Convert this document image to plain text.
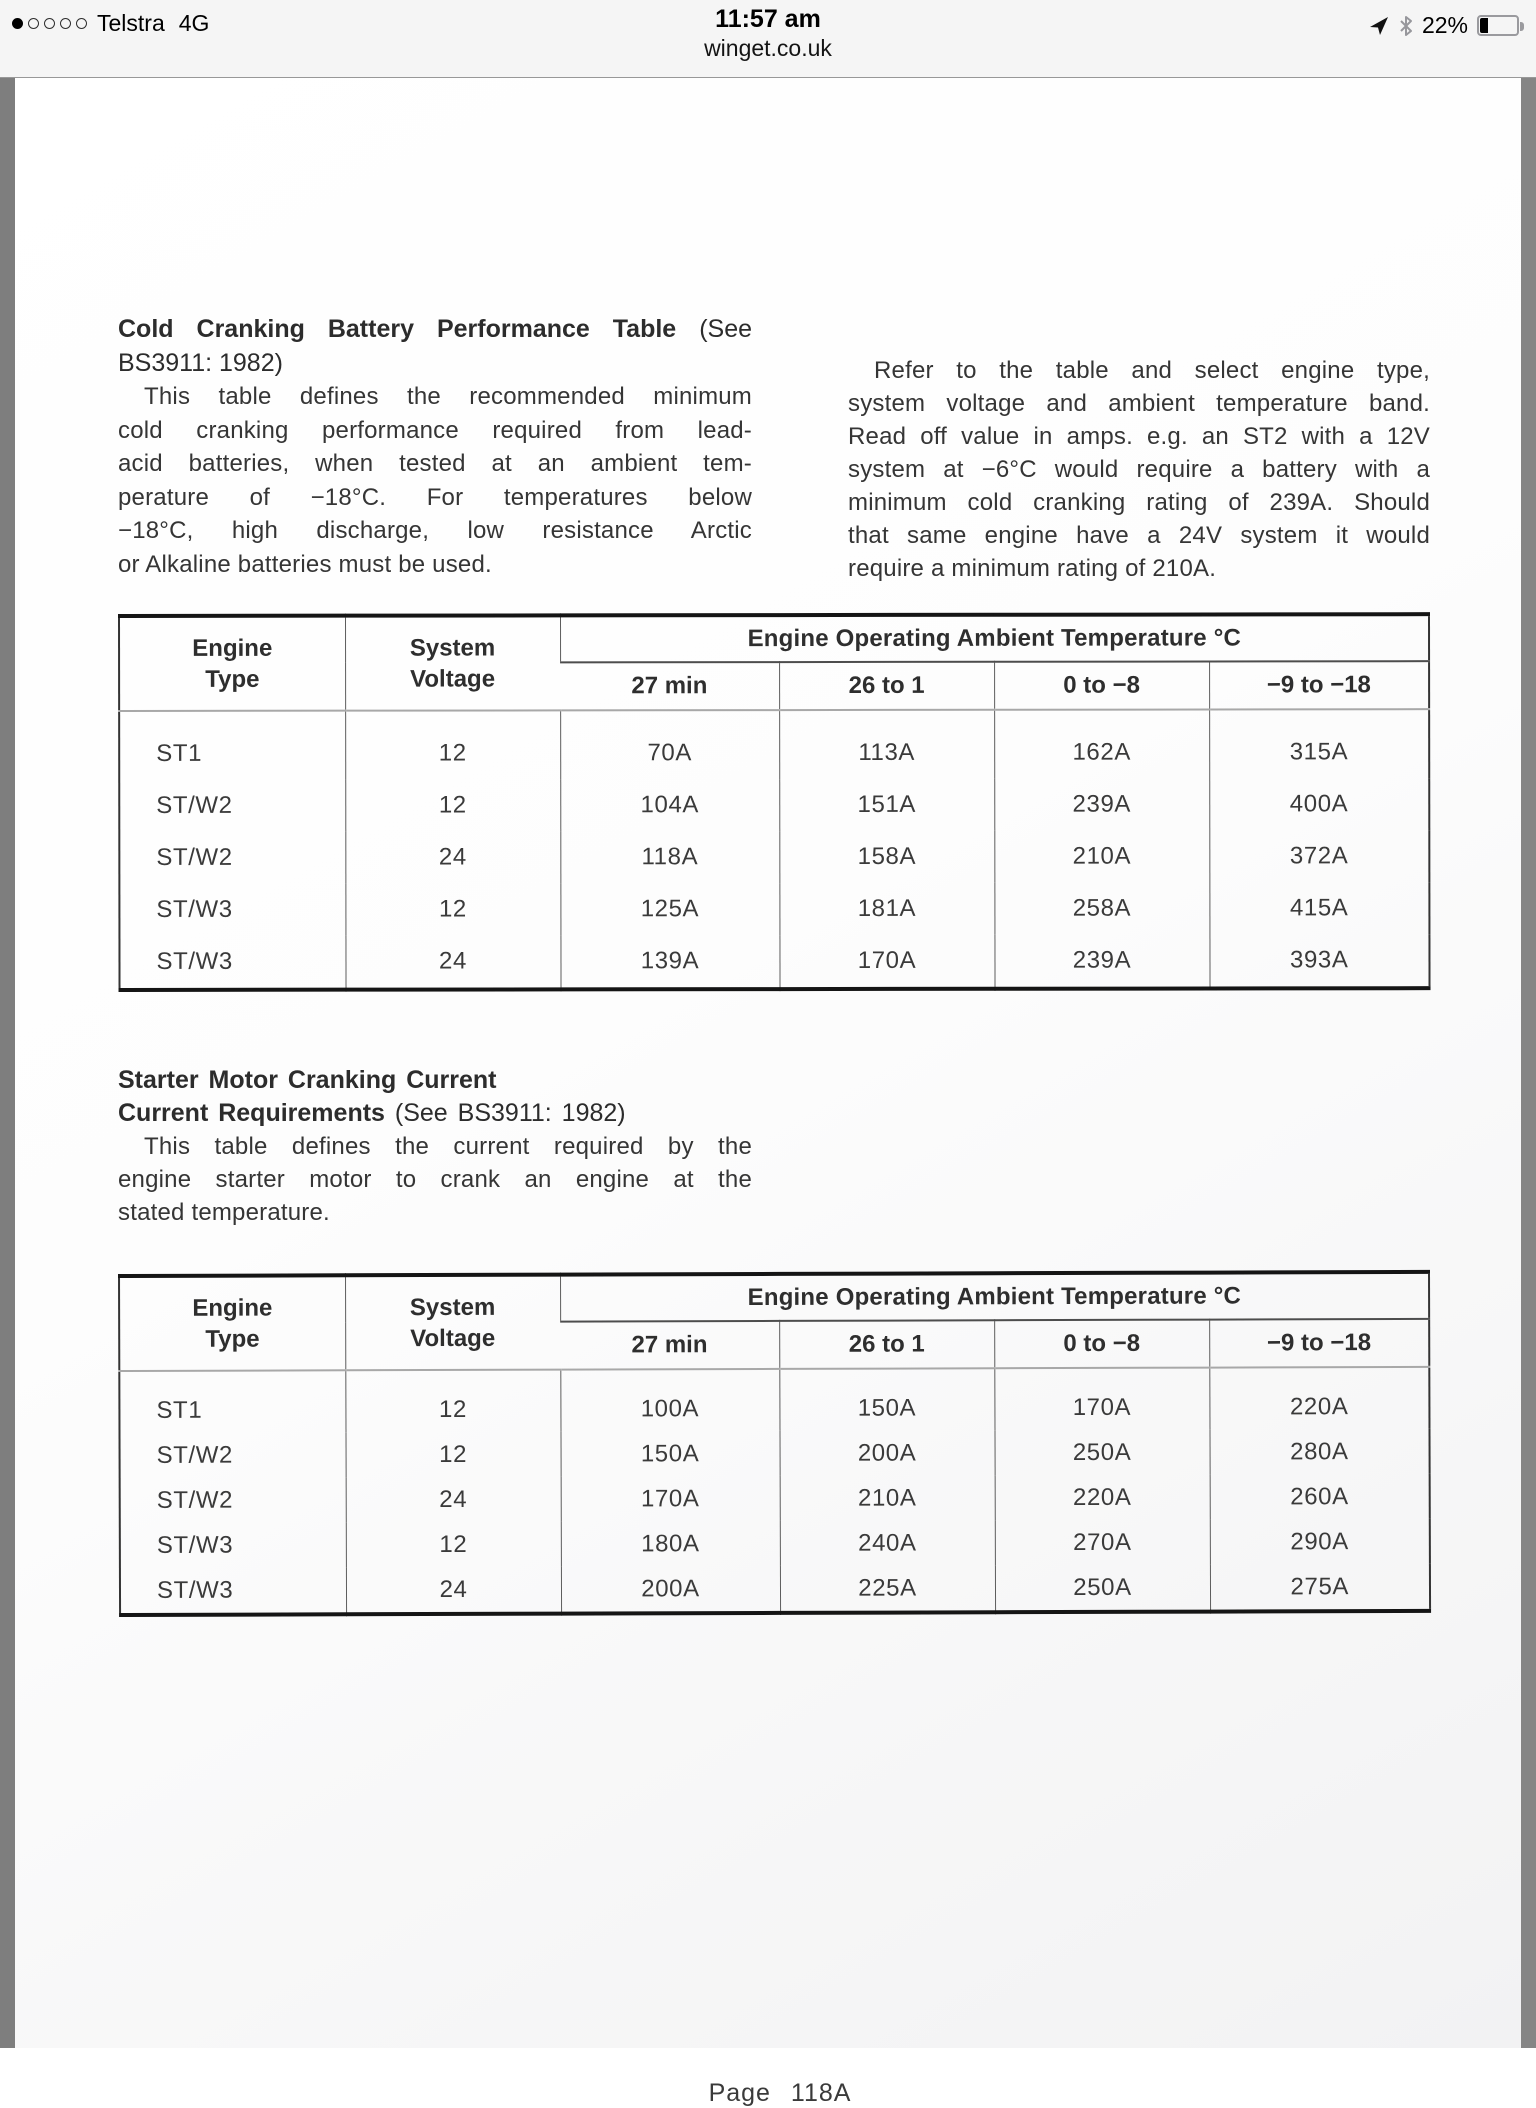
Telstra 4G	11:57 am
winget.co.uk
22%
Cold Cranking Battery Performance Table (See
BS3911: 1982)
This table defines the recommended minimum
cold cranking performance required from lead-
acid batteries, when tested at an ambient tem-
perature of −18°C. For temperatures below
−18°C, high discharge, low resistance Arctic
or Alkaline batteries must be used.
Refer to the table and select engine type,
system voltage and ambient temperature band.
Read off value in amps. e.g. an ST2 with a 12V
system at −6°C would require a battery with a
minimum cold cranking rating of 239A. Should
that same engine have a 24V system it would
require a minimum rating of 210A.
Engine
Type

System
Voltage
	Engine Operating Ambient Temperature °C
		27 min	26 to 1	0 to −8	−9 to −18
ST1	12	70A	113A	162A	315A
ST/W2	12	104A	151A	239A	400A
ST/W2	24	118A	158A	210A	372A
ST/W3	12	125A	181A	258A	415A
ST/W3	24	139A	170A	239A	393A
Starter Motor Cranking Current
Current Requirements (See BS3911: 1982)
This table defines the current required by the
engine starter motor to crank an engine at the
stated temperature.
Engine
Type

System
Voltage
	Engine Operating Ambient Temperature °C
		27 min	26 to 1	0 to −8	−9 to −18
ST1	12	100A	150A	170A	220A
ST/W2	12	150A	200A	250A	280A
ST/W2	24	170A	210A	220A	260A
ST/W3	12	180A	240A	270A	290A
ST/W3	24	200A	225A	250A	275A
Page 118A
